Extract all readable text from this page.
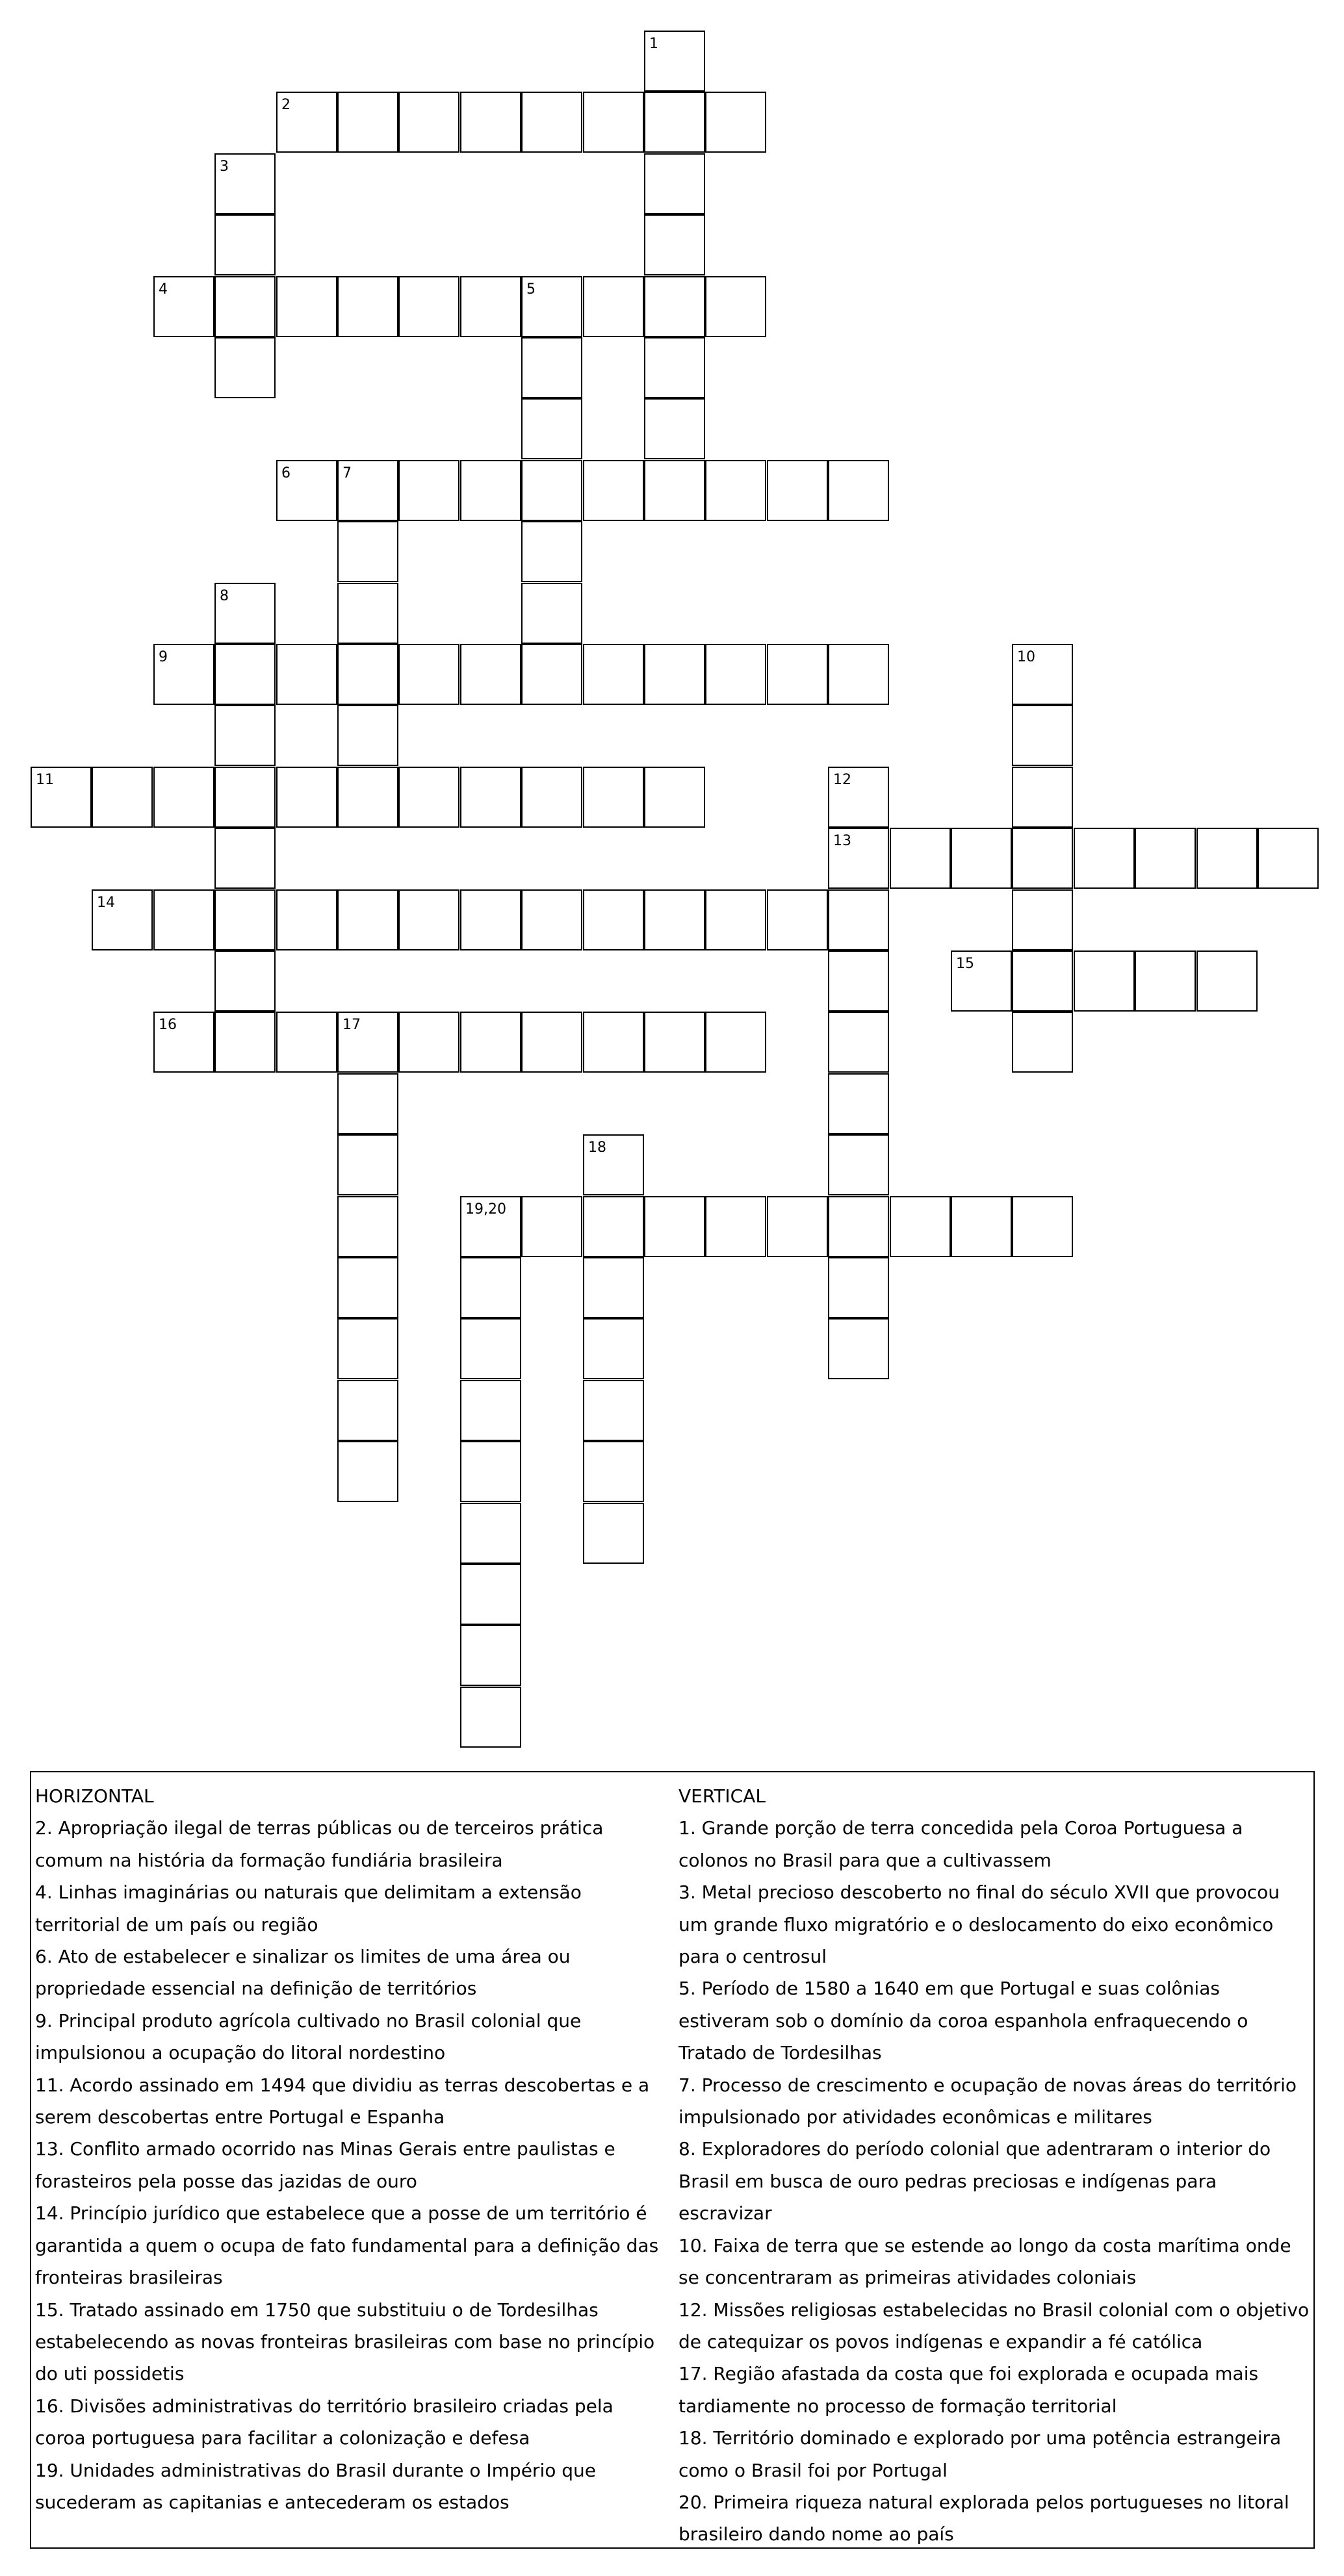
1
2
3
4	5
6	7
8
9	10
11	12
13
14
15
16	17
18
19,20

HORIZONTAL

2. Apropriação ilegal de terras públicas ou de terceiros prática comum na história da formação fundiária brasileira

4. Linhas imaginárias ou naturais que delimitam a extensão territorial de um país ou região

6. Ato de estabelecer e sinalizar os limites de uma área ou propriedade essencial na definição de territórios

9. Principal produto agrícola cultivado no Brasil colonial que impulsionou a ocupação do litoral nordestino

11. Acordo assinado em 1494 que dividiu as terras descobertas e a serem descobertas entre Portugal e Espanha

13. Conflito armado ocorrido nas Minas Gerais entre paulistas e forasteiros pela posse das jazidas de ouro

14. Princípio jurídico que estabelece que a posse de um território é garantida a quem o ocupa de fato fundamental para a definição das fronteiras brasileiras

15. Tratado assinado em 1750 que substituiu o de Tordesilhas estabelecendo as novas fronteiras brasileiras com base no princípio do uti possidetis

16. Divisões administrativas do território brasileiro criadas pela coroa portuguesa para facilitar a colonização e defesa

19. Unidades administrativas do Brasil durante o Império que sucederam as capitanias e antecederam os estados

VERTICAL

1. Grande porção de terra concedida pela Coroa Portuguesa a colonos no Brasil para que a cultivassem

3. Metal precioso descoberto no final do século XVII que provocou um grande fluxo migratório e o deslocamento do eixo econômico para o centrosul

5. Período de 1580 a 1640 em que Portugal e suas colônias estiveram sob o domínio da coroa espanhola enfraquecendo o Tratado de Tordesilhas

7. Processo de crescimento e ocupação de novas áreas do território impulsionado por atividades econômicas e militares

8. Exploradores do período colonial que adentraram o interior do Brasil em busca de ouro pedras preciosas e indígenas para escravizar

10. Faixa de terra que se estende ao longo da costa marítima onde se concentraram as primeiras atividades coloniais

12. Missões religiosas estabelecidas no Brasil colonial com o objetivo de catequizar os povos indígenas e expandir a fé católica

17. Região afastada da costa que foi explorada e ocupada mais tardiamente no processo de formação territorial

18. Território dominado e explorado por uma potência estrangeira como o Brasil foi por Portugal

20. Primeira riqueza natural explorada pelos portugueses no litoral brasileiro dando nome ao país
